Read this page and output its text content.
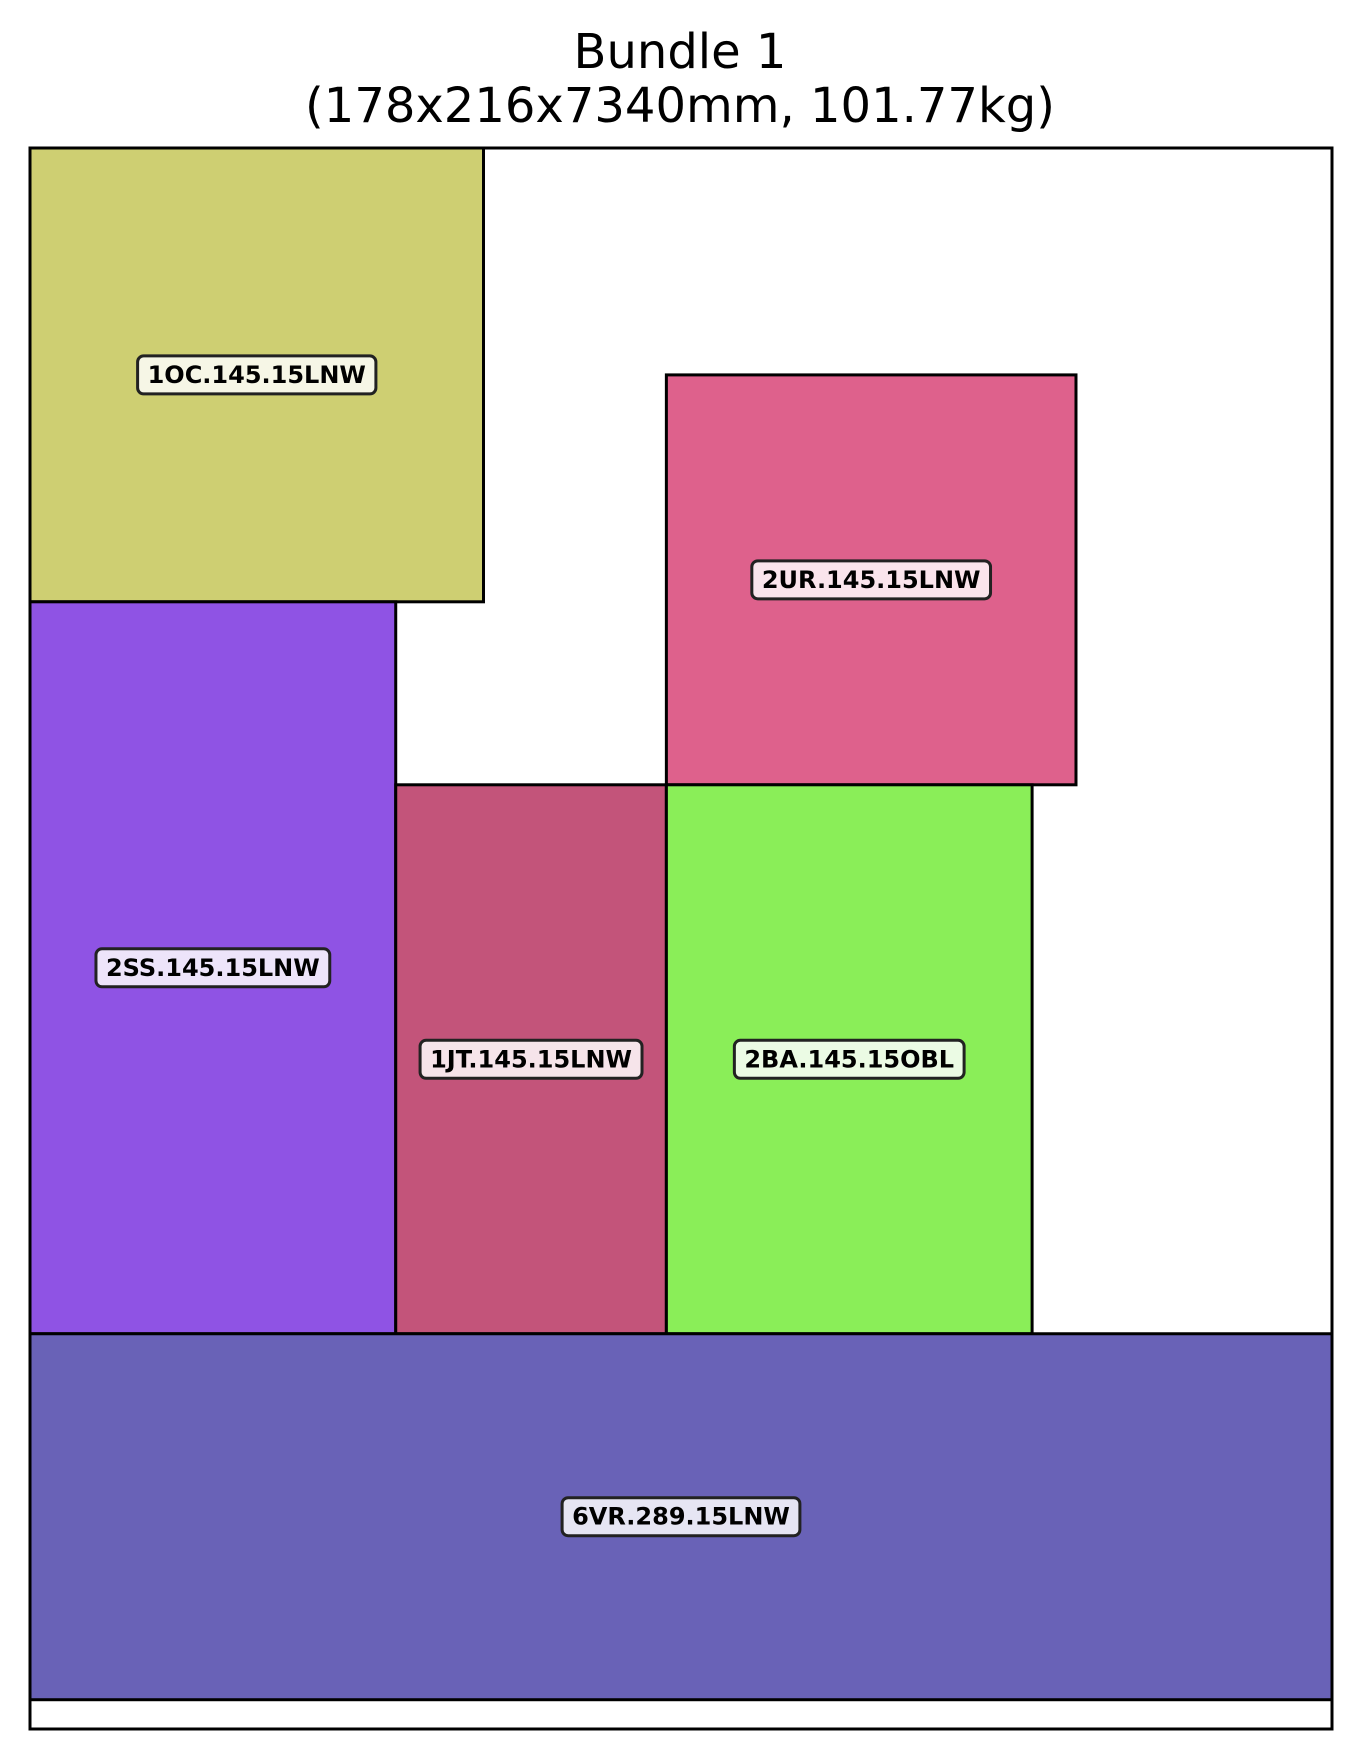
Bundle 1
(178x216x7340mm, 101.77kg)
1OC.145.15LNW
2UR.145.15LNW
2SS.145.15LNW
1JT.145.15LNW	2BA.145.15OBL
6VR.289.15LNW
